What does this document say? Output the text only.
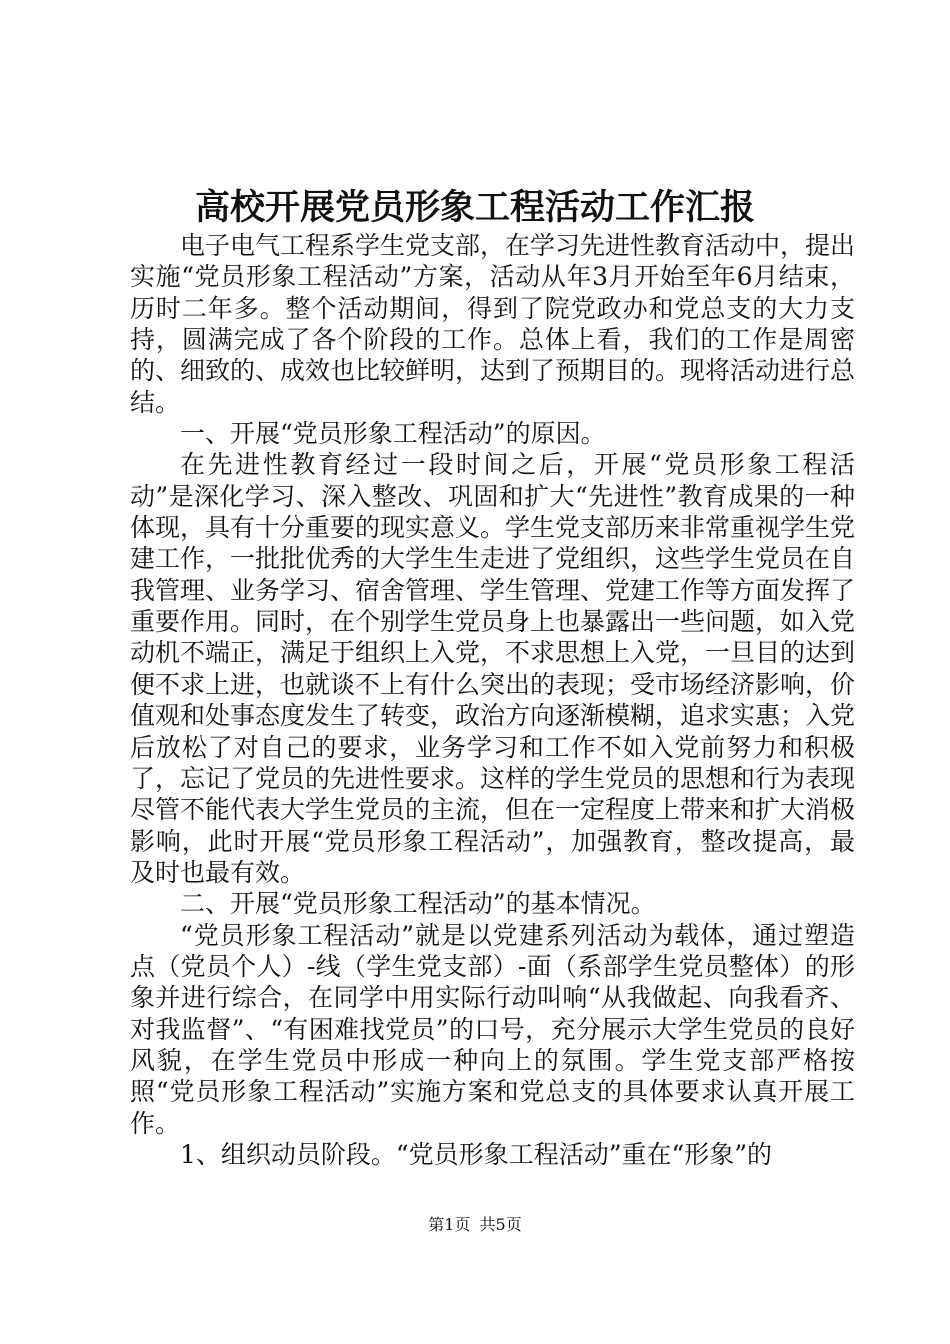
高校开展党员形象工程活动工作汇报

电子电气工程系学生党支部，在学习先进性教育活动中，提出实施“党员形象工程活动”方案，活动从年3月开始至年6月结束，历时二年多。整个活动期间，得到了院党政办和党总支的大力支持，圆满完成了各个阶段的工作。总体上看，我们的工作是周密的、细致的、成效也比较鲜明，达到了预期目的。现将活动进行总结。

一、开展“党员形象工程活动”的原因。

在先进性教育经过一段时间之后，开展“党员形象工程活动”是深化学习、深入整改、巩固和扩大“先进性”教育成果的一种体现，具有十分重要的现实意义。学生党支部历来非常重视学生党建工作，一批批优秀的大学生生走进了党组织，这些学生党员在自我管理、业务学习、宿舍管理、学生管理、党建工作等方面发挥了重要作用。同时，在个别学生党员身上也暴露出一些问题，如入党动机不端正，满足于组织上入党，不求思想上入党，一旦目的达到便不求上进，也就谈不上有什么突出的表现；受市场经济影响，价值观和处事态度发生了转变，政治方向逐渐模糊，追求实惠；入党后放松了对自己的要求，业务学习和工作不如入党前努力和积极了，忘记了党员的先进性要求。这样的学生党员的思想和行为表现尽管不能代表大学生党员的主流，但在一定程度上带来和扩大消极影响，此时开展“党员形象工程活动”，加强教育，整改提高，最及时也最有效。

二、开展“党员形象工程活动”的基本情况。

“党员形象工程活动”就是以党建系列活动为载体，通过塑造点（党员个人）-线（学生党支部）-面（系部学生党员整体）的形象并进行综合，在同学中用实际行动叫响“从我做起、向我看齐、对我监督”、“有困难找党员”的口号，充分展示大学生党员的良好风貌，在学生党员中形成一种向上的氛围。学生党支部严格按照“党员形象工程活动”实施方案和党总支的具体要求认真开展工作。

1、组织动员阶段。“党员形象工程活动”重在“形象”的

第1页 共5页
